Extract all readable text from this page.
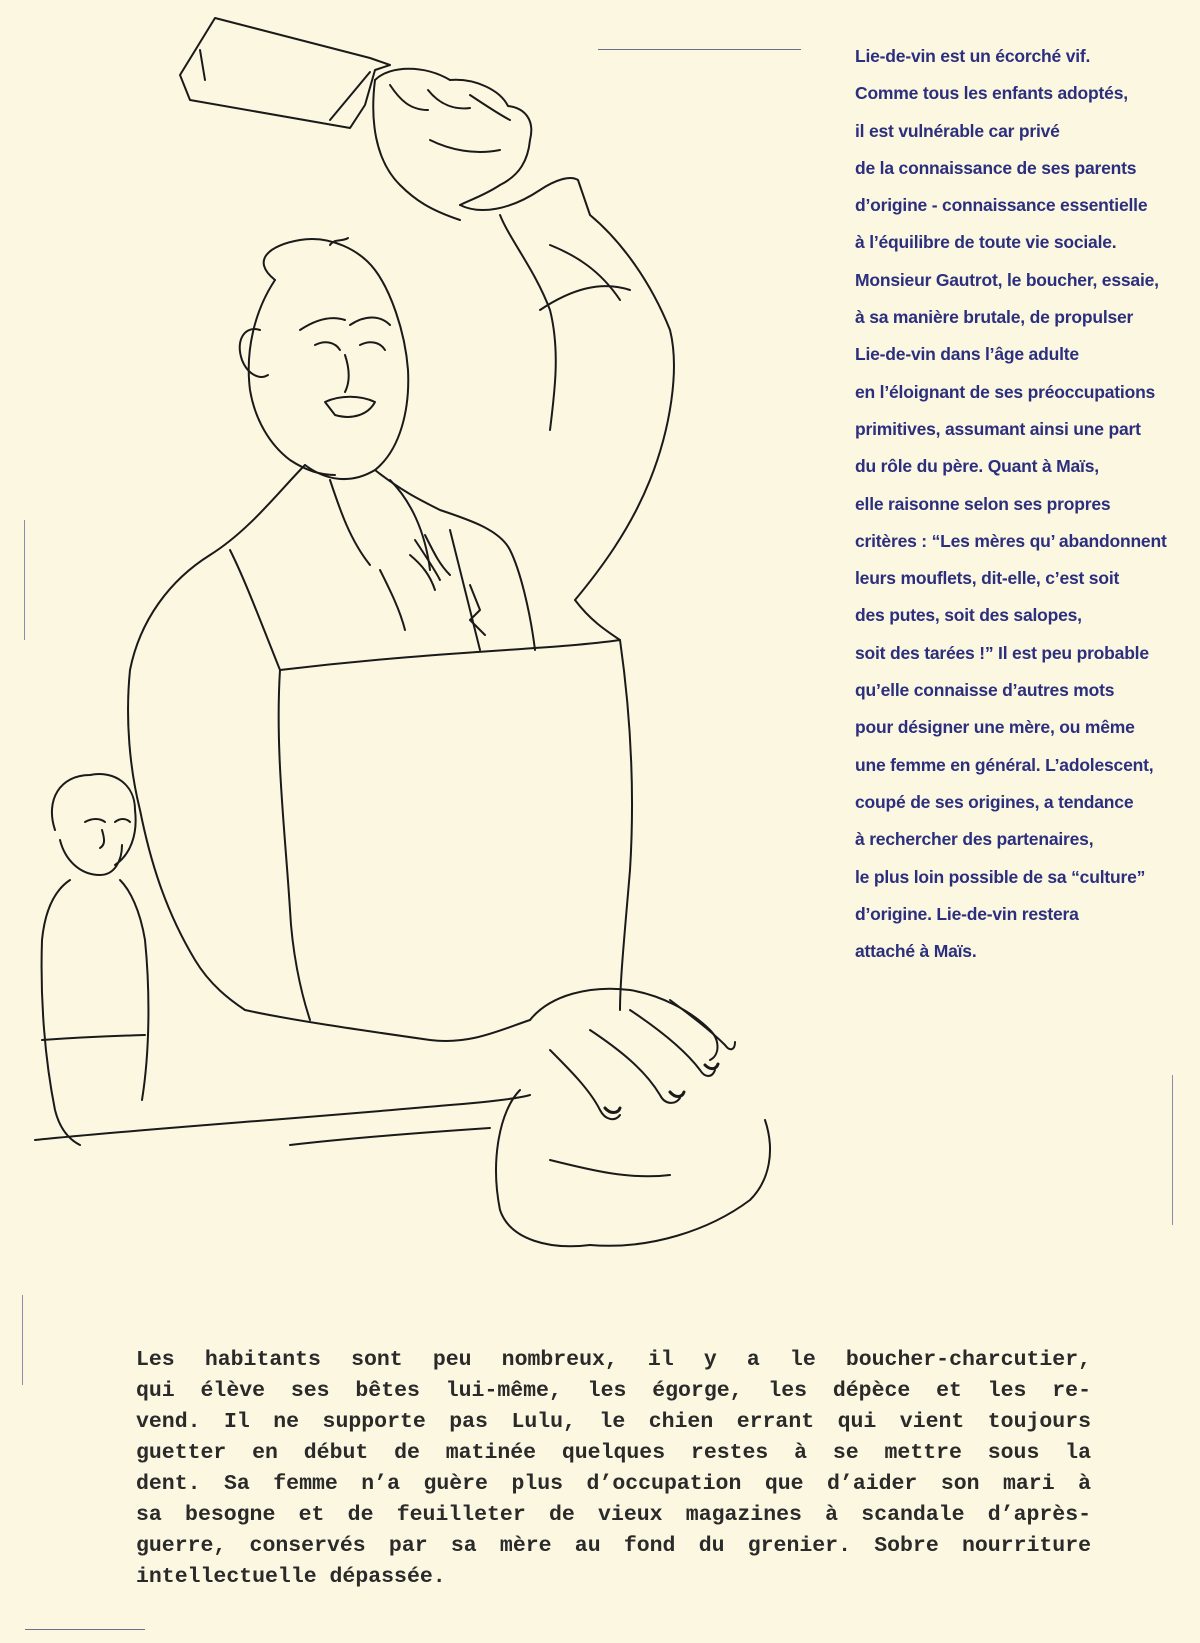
Lie-de-vin est un écorché vif.
Comme tous les enfants adoptés,
il est vulnérable car privé
de la connaissance de ses parents
d’origine - connaissance essentielle
à l’équilibre de toute vie sociale.
Monsieur Gautrot, le boucher, essaie,
à sa manière brutale, de propulser
Lie-de-vin dans l’âge adulte
en l’éloignant de ses préoccupations
primitives, assumant ainsi une part
du rôle du père. Quant à Maïs,
elle raisonne selon ses propres
critères : “Les mères qu’ abandonnent
leurs mouflets, dit-elle, c’est soit
des putes, soit des salopes,
soit des tarées !” Il est peu probable
qu’elle connaisse d’autres mots
pour désigner une mère, ou même
une femme en général. L’adolescent,
coupé de ses origines, a tendance
à rechercher des partenaires,
le plus loin possible de sa “culture”
d’origine. Lie-de-vin restera
attaché à Maïs.
Les habitants sont peu nombreux, il y a le boucher-charcutier,
qui élève ses bêtes lui-même, les égorge, les dépèce et les re-
vend. Il ne supporte pas Lulu, le chien errant qui vient toujours
guetter en début de matinée quelques restes à se mettre sous la
dent. Sa femme n’a guère plus d’occupation que d’aider son mari à
sa besogne et de feuilleter de vieux magazines à scandale d’après-
guerre, conservés par sa mère au fond du grenier. Sobre nourriture
intellectuelle dépassée.
